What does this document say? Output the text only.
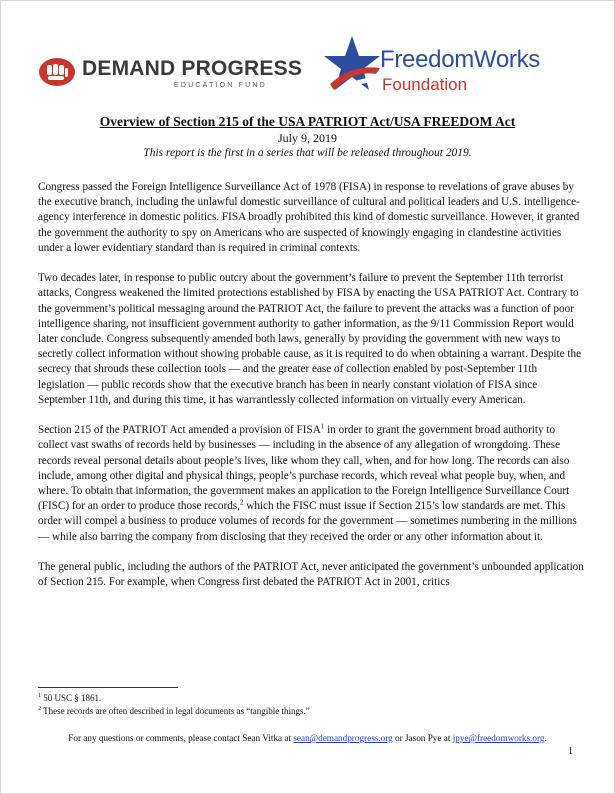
DEMAND PROGRESS
EDUCATION FUND
FreedomWorks
Foundation
Overview of Section 215 of the USA PATRIOT Act/USA FREEDOM Act
July 9, 2019
This report is the first in a series that will be released throughout 2019.

Congress passed the Foreign Intelligence Surveillance Act of 1978 (FISA) in response to revelations of grave abuses by the executive branch, including the unlawful domestic surveillance of cultural and political leaders and U.S. intelligence-agency interference in domestic politics. FISA broadly prohibited this kind of domestic surveillance. However, it granted the government the authority to spy on Americans who are suspected of knowingly engaging in clandestine activities under a lower evidentiary standard than is required in criminal contexts.

Two decades later, in response to public outcry about the government’s failure to prevent the September 11th terrorist attacks, Congress weakened the limited protections established by FISA by enacting the USA PATRIOT Act. Contrary to the government’s political messaging around the PATRIOT Act, the failure to prevent the attacks was a function of poor intelligence sharing, not insufficient government authority to gather information, as the 9/11 Commission Report would later conclude. Congress subsequently amended both laws, generally by providing the government with new ways to secretly collect information without showing probable cause, as it is required to do when obtaining a warrant. Despite the secrecy that shrouds these collection tools — and the greater ease of collection enabled by post-September 11th legislation — public records show that the executive branch has been in nearly constant violation of FISA since September 11th, and during this time, it has warrantlessly collected information on virtually every American.

Section 215 of the PATRIOT Act amended a provision of FISA$^1$ in order to grant the government broad authority to collect vast swaths of records held by businesses — including in the absence of any allegation of wrongdoing. These records reveal personal details about people’s lives, like whom they call, when, and for how long. The records can also include, among other digital and physical things, people’s purchase records, which reveal what people buy, when, and where. To obtain that information, the government makes an application to the Foreign Intelligence Surveillance Court (FISC) for an order to produce those records,$^2$ which the FISC must issue if Section 215’s low standards are met. This order will compel a business to produce volumes of records for the government — sometimes numbering in the millions — while also barring the company from disclosing that they received the order or any other information about it.

The general public, including the authors of the PATRIOT Act, never anticipated the government’s unbounded application of Section 215. For example, when Congress first debated the PATRIOT Act in 2001, critics

$^1$ 50 USC § 1861.
$^2$ These records are often described in legal documents as “tangible things.”
For any questions or comments, please contact Sean Vitka at sean@demandprogress.org or Jason Pye at jpye@freedomworks.org.
1
